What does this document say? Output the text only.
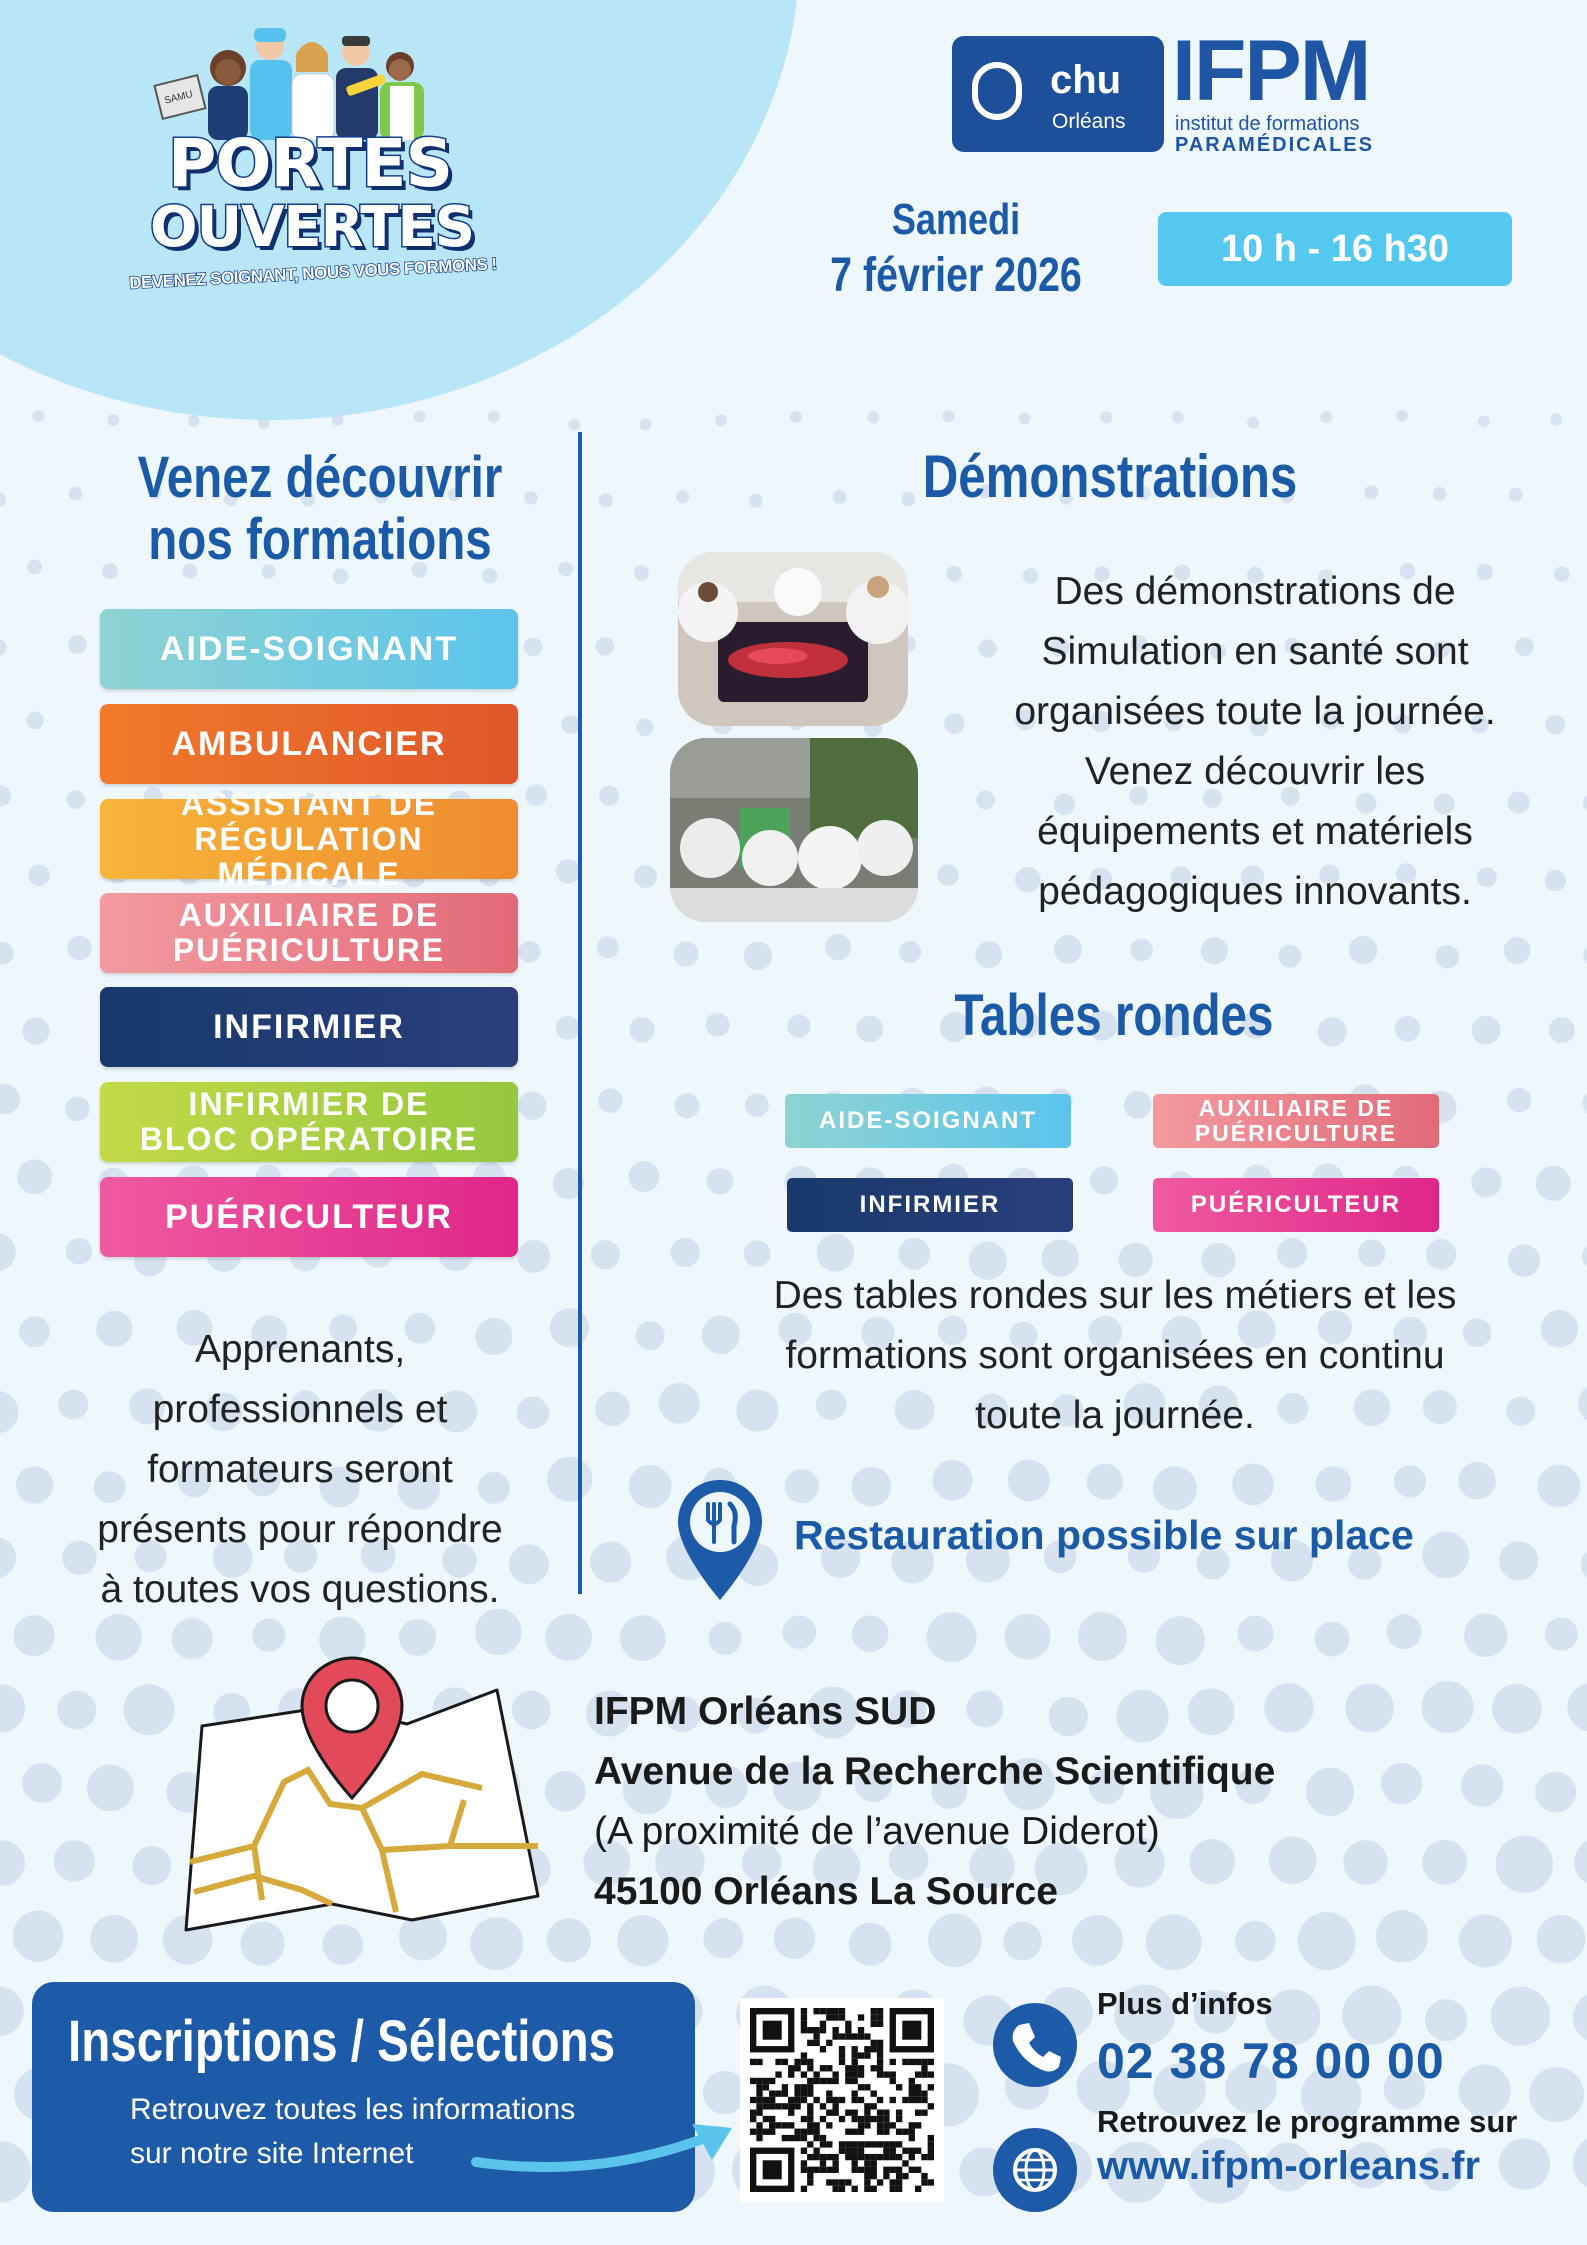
SAMU
PORTES
OUVERTES
DEVENEZ SOIGNANT, NOUS VOUS FORMONS !
chu
Orléans
IFPM
institut de formations
PARAMÉDICALES
Samedi
7 février 2026	10 h - 16 h30
Venez découvrir
nos formations
AIDE-SOIGNANT
AMBULANCIER
ASSISTANT DE
RÉGULATION MÉDICALE
AUXILIAIRE DE
PUÉRICULTURE
INFIRMIER
INFIRMIER DE
BLOC OPÉRATOIRE
PUÉRICULTEUR
Apprenants,
professionnels et
formateurs seront
présents pour répondre
à toutes vos questions.
Démonstrations
Des démonstrations de
Simulation en santé sont
organisées toute la journée.
Venez découvrir les
équipements et matériels
pédagogiques innovants.
Tables rondes
AIDE-SOIGNANT	AUXILIAIRE DE
PUÉRICULTURE
INFIRMIER	PUÉRICULTEUR
Des tables rondes sur les métiers et les
formations sont organisées en continu
toute la journée.
Restauration possible sur place
IFPM Orléans SUD
Avenue de la Recherche Scientifique
(A proximité de l’avenue Diderot)
45100 Orléans La Source
Inscriptions / Sélections
Retrouvez toutes les informations
sur notre site Internet
Plus d’infos
02 38 78 00 00
Retrouvez le programme sur
www.ifpm-orleans.fr
